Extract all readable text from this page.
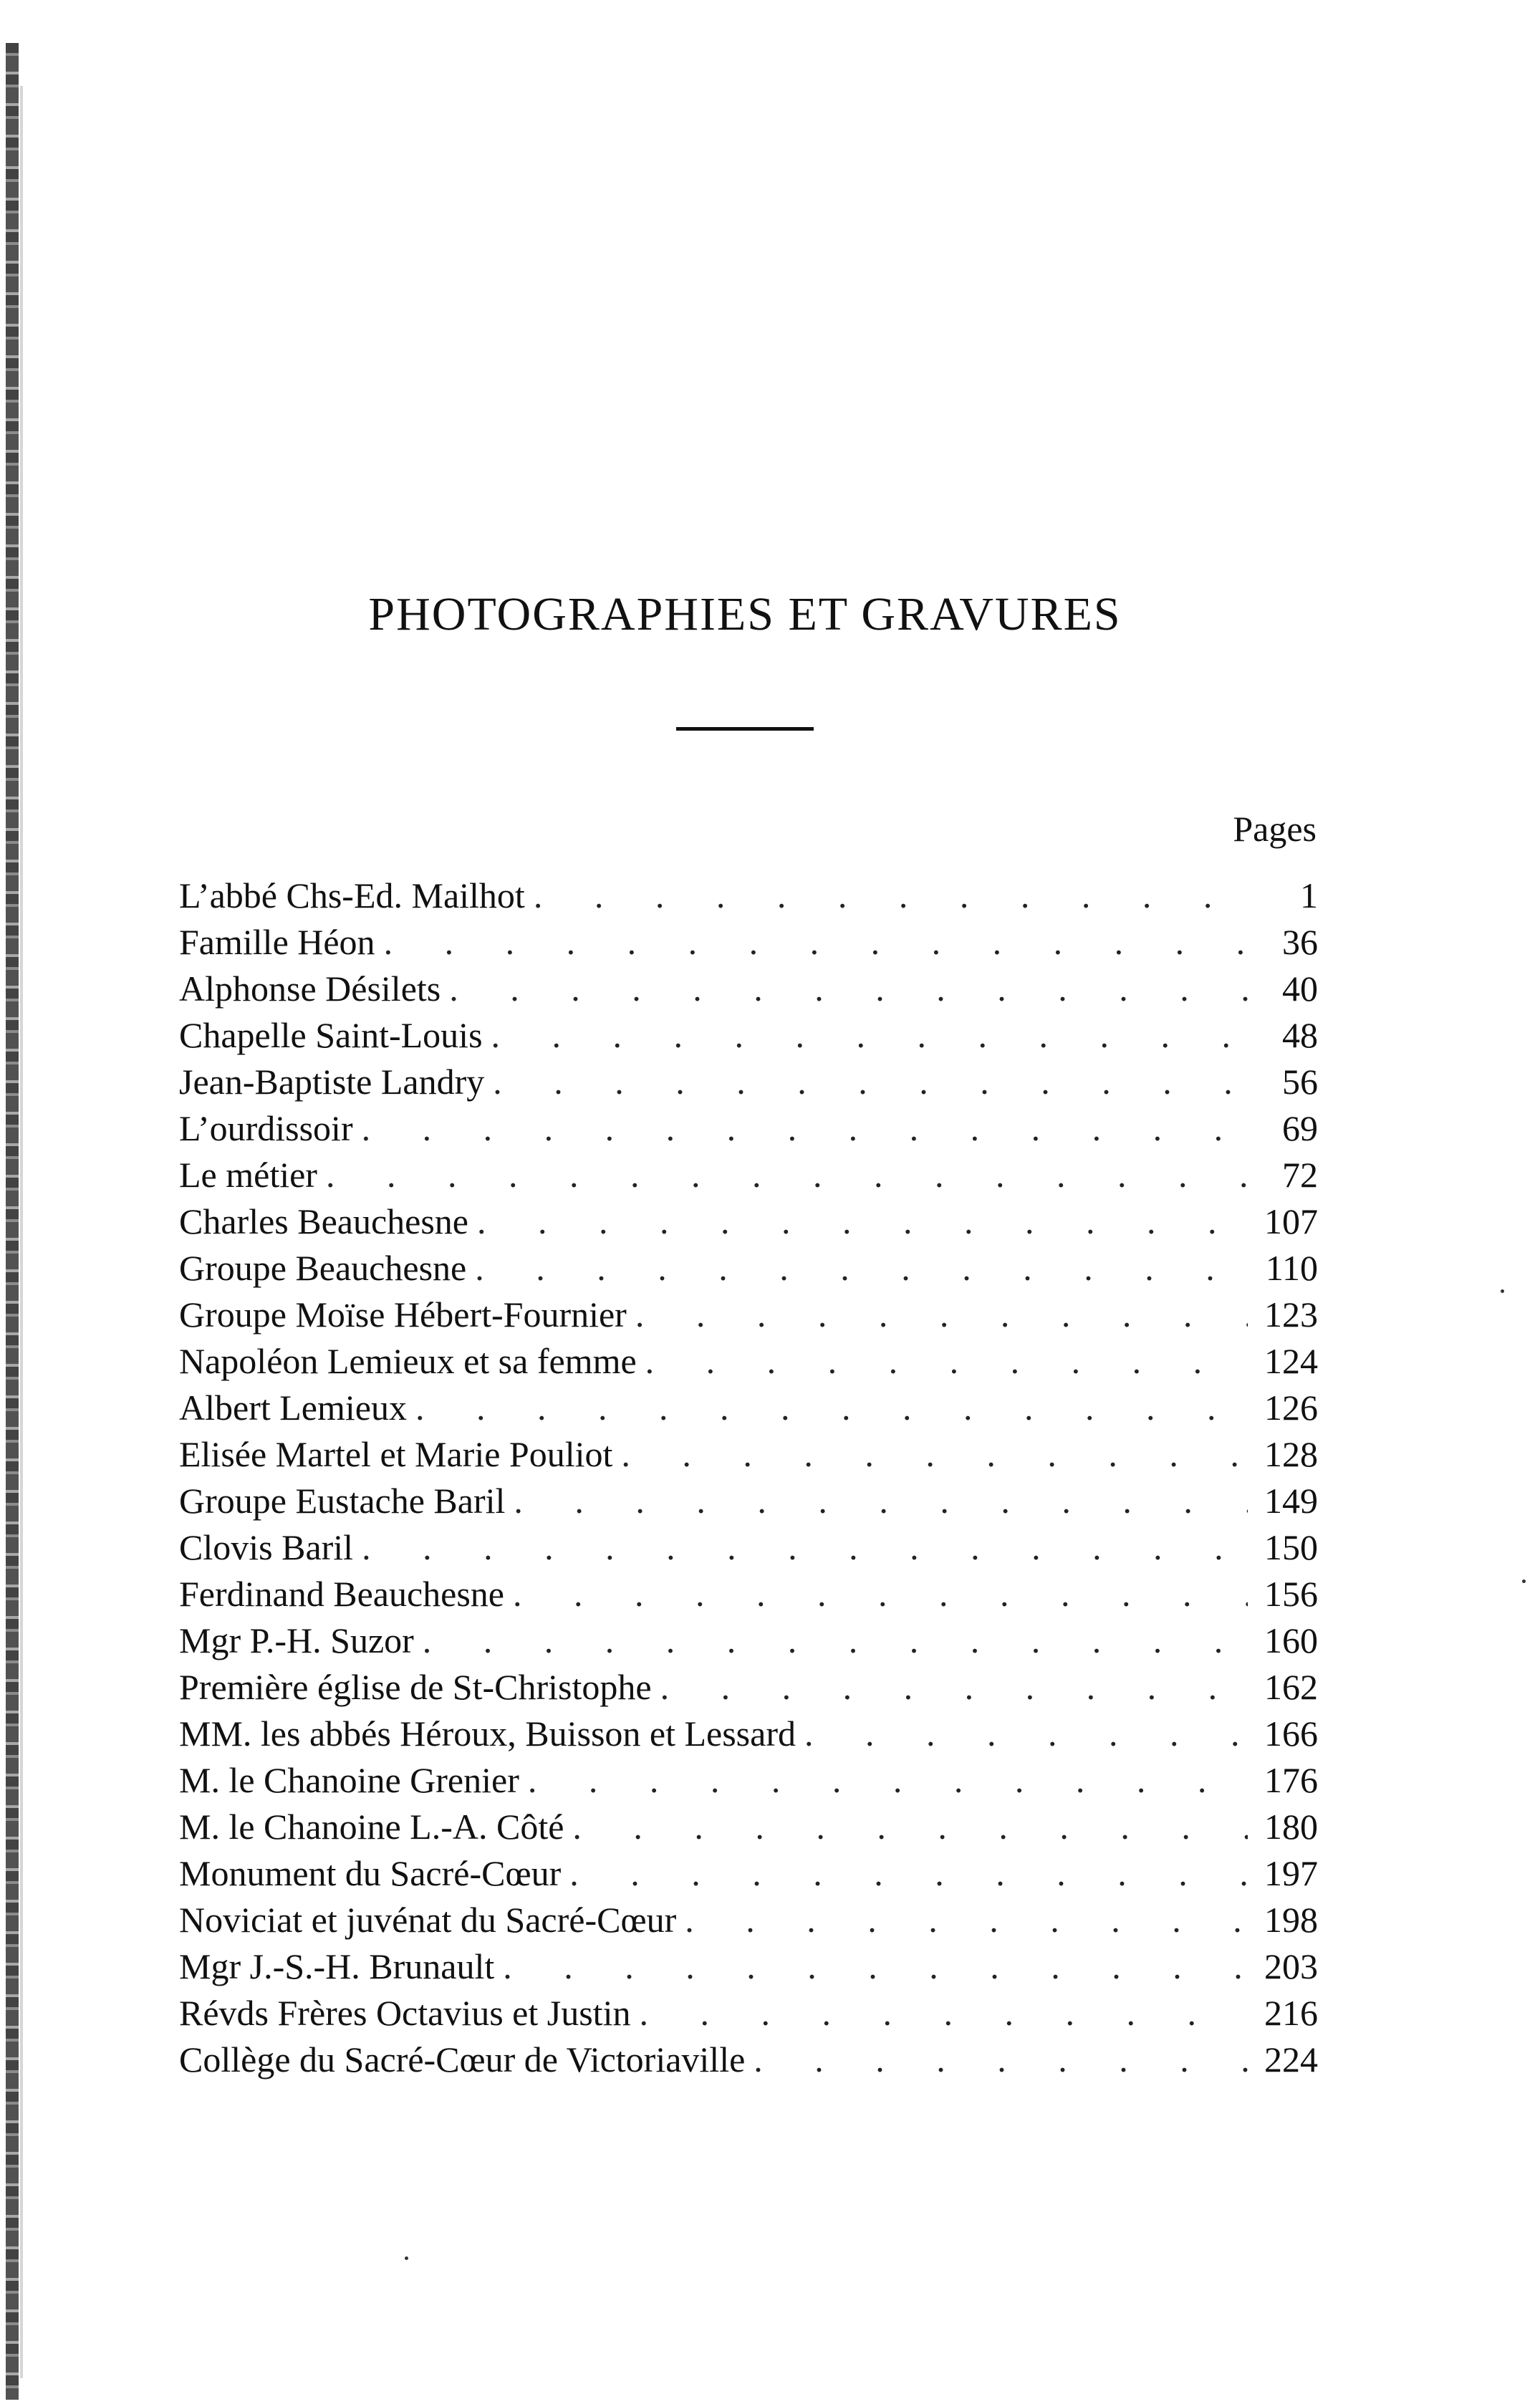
PHOTOGRAPHIES ET GRAVURES
Pages
L’abbé Chs-Ed. Mailhot . . .	1
Famille Héon . . .	36
Alphonse Désilets . . .	40
Chapelle Saint-Louis . . .	48
Jean-Baptiste Landry . . .	56
L’ourdissoir . . .	69
Le métier . . .	72
Charles Beauchesne . . .	107
Groupe Beauchesne . . .	110
Groupe Moïse Hébert-Fournier . . .	123
Napoléon Lemieux et sa femme . . .	124
Albert Lemieux . . .	126
Elisée Martel et Marie Pouliot . . .	128
Groupe Eustache Baril . . .	149
Clovis Baril . . .	150
Ferdinand Beauchesne . . .	156
Mgr P.-H. Suzor . . .	160
Première église de St-Christophe . . .	162
MM. les abbés Héroux, Buisson et Lessard . . .	166
M. le Chanoine Grenier . . .	176
M. le Chanoine L.-A. Côté . . .	180
Monument du Sacré-Cœur . . .	197
Noviciat et juvénat du Sacré-Cœur . . .	198
Mgr J.-S.-H. Brunault . . .	203
Révds Frères Octavius et Justin . . .	216
Collège du Sacré-Cœur de Victoriaville . . .	224
